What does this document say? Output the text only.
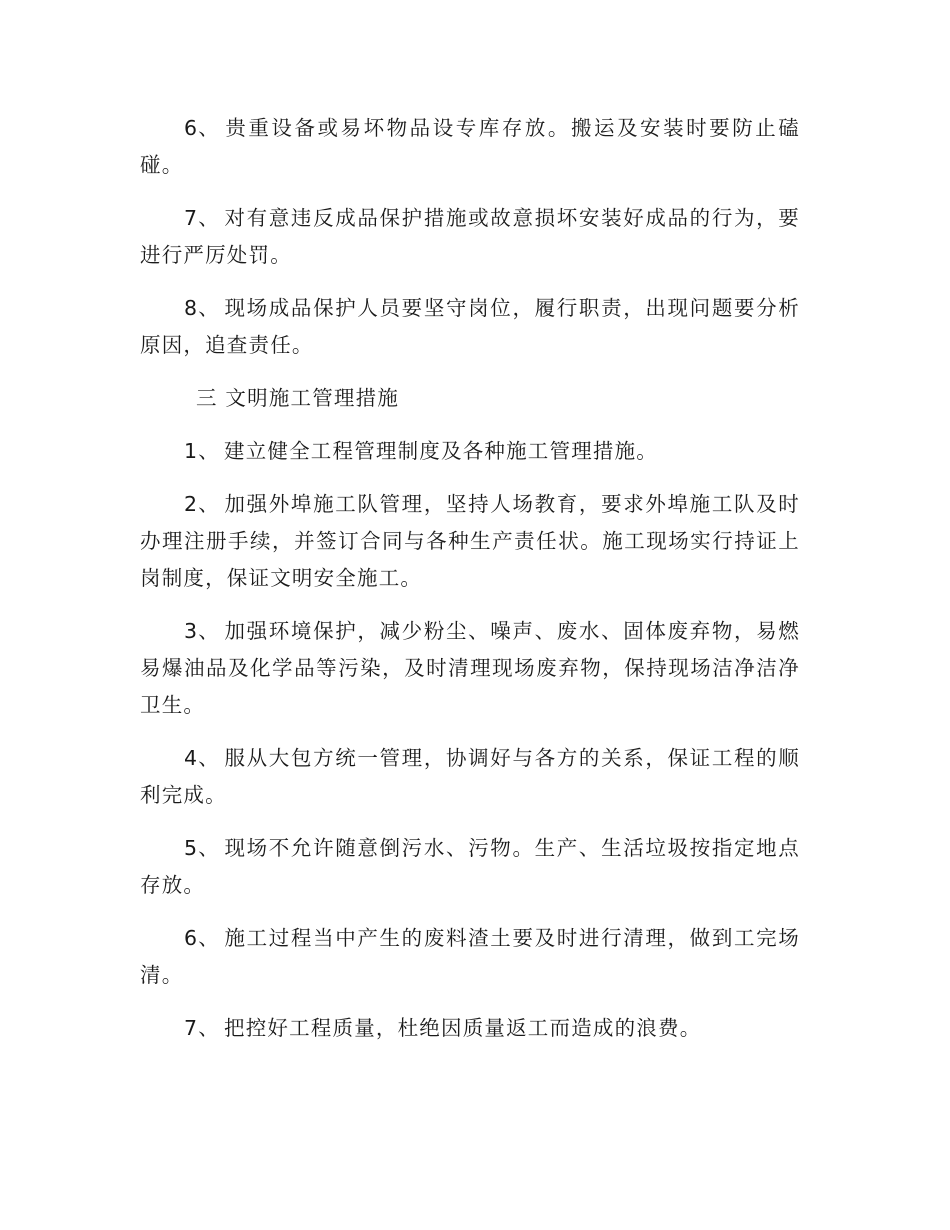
6、 贵重设备或易坏物品设专库存放。搬运及安装时要防止磕碰。

7、 对有意违反成品保护措施或故意损坏安装好成品的行为，要进行严厉处罚。

8、 现场成品保护人员要坚守岗位，履行职责，出现问题要分析原因，追查责任。

三 文明施工管理措施

1、 建立健全工程管理制度及各种施工管理措施。

2、 加强外埠施工队管理，坚持人场教育，要求外埠施工队及时办理注册手续，并签订合同与各种生产责任状。施工现场实行持证上岗制度，保证文明安全施工。

3、 加强环境保护，减少粉尘、噪声、废水、固体废弃物，易燃易爆油品及化学品等污染，及时清理现场废弃物，保持现场洁净洁净卫生。

4、 服从大包方统一管理，协调好与各方的关系，保证工程的顺利完成。

5、 现场不允许随意倒污水、污物。生产、生活垃圾按指定地点存放。

6、 施工过程当中产生的废料渣土要及时进行清理，做到工完场清。

7、 把控好工程质量，杜绝因质量返工而造成的浪费。
